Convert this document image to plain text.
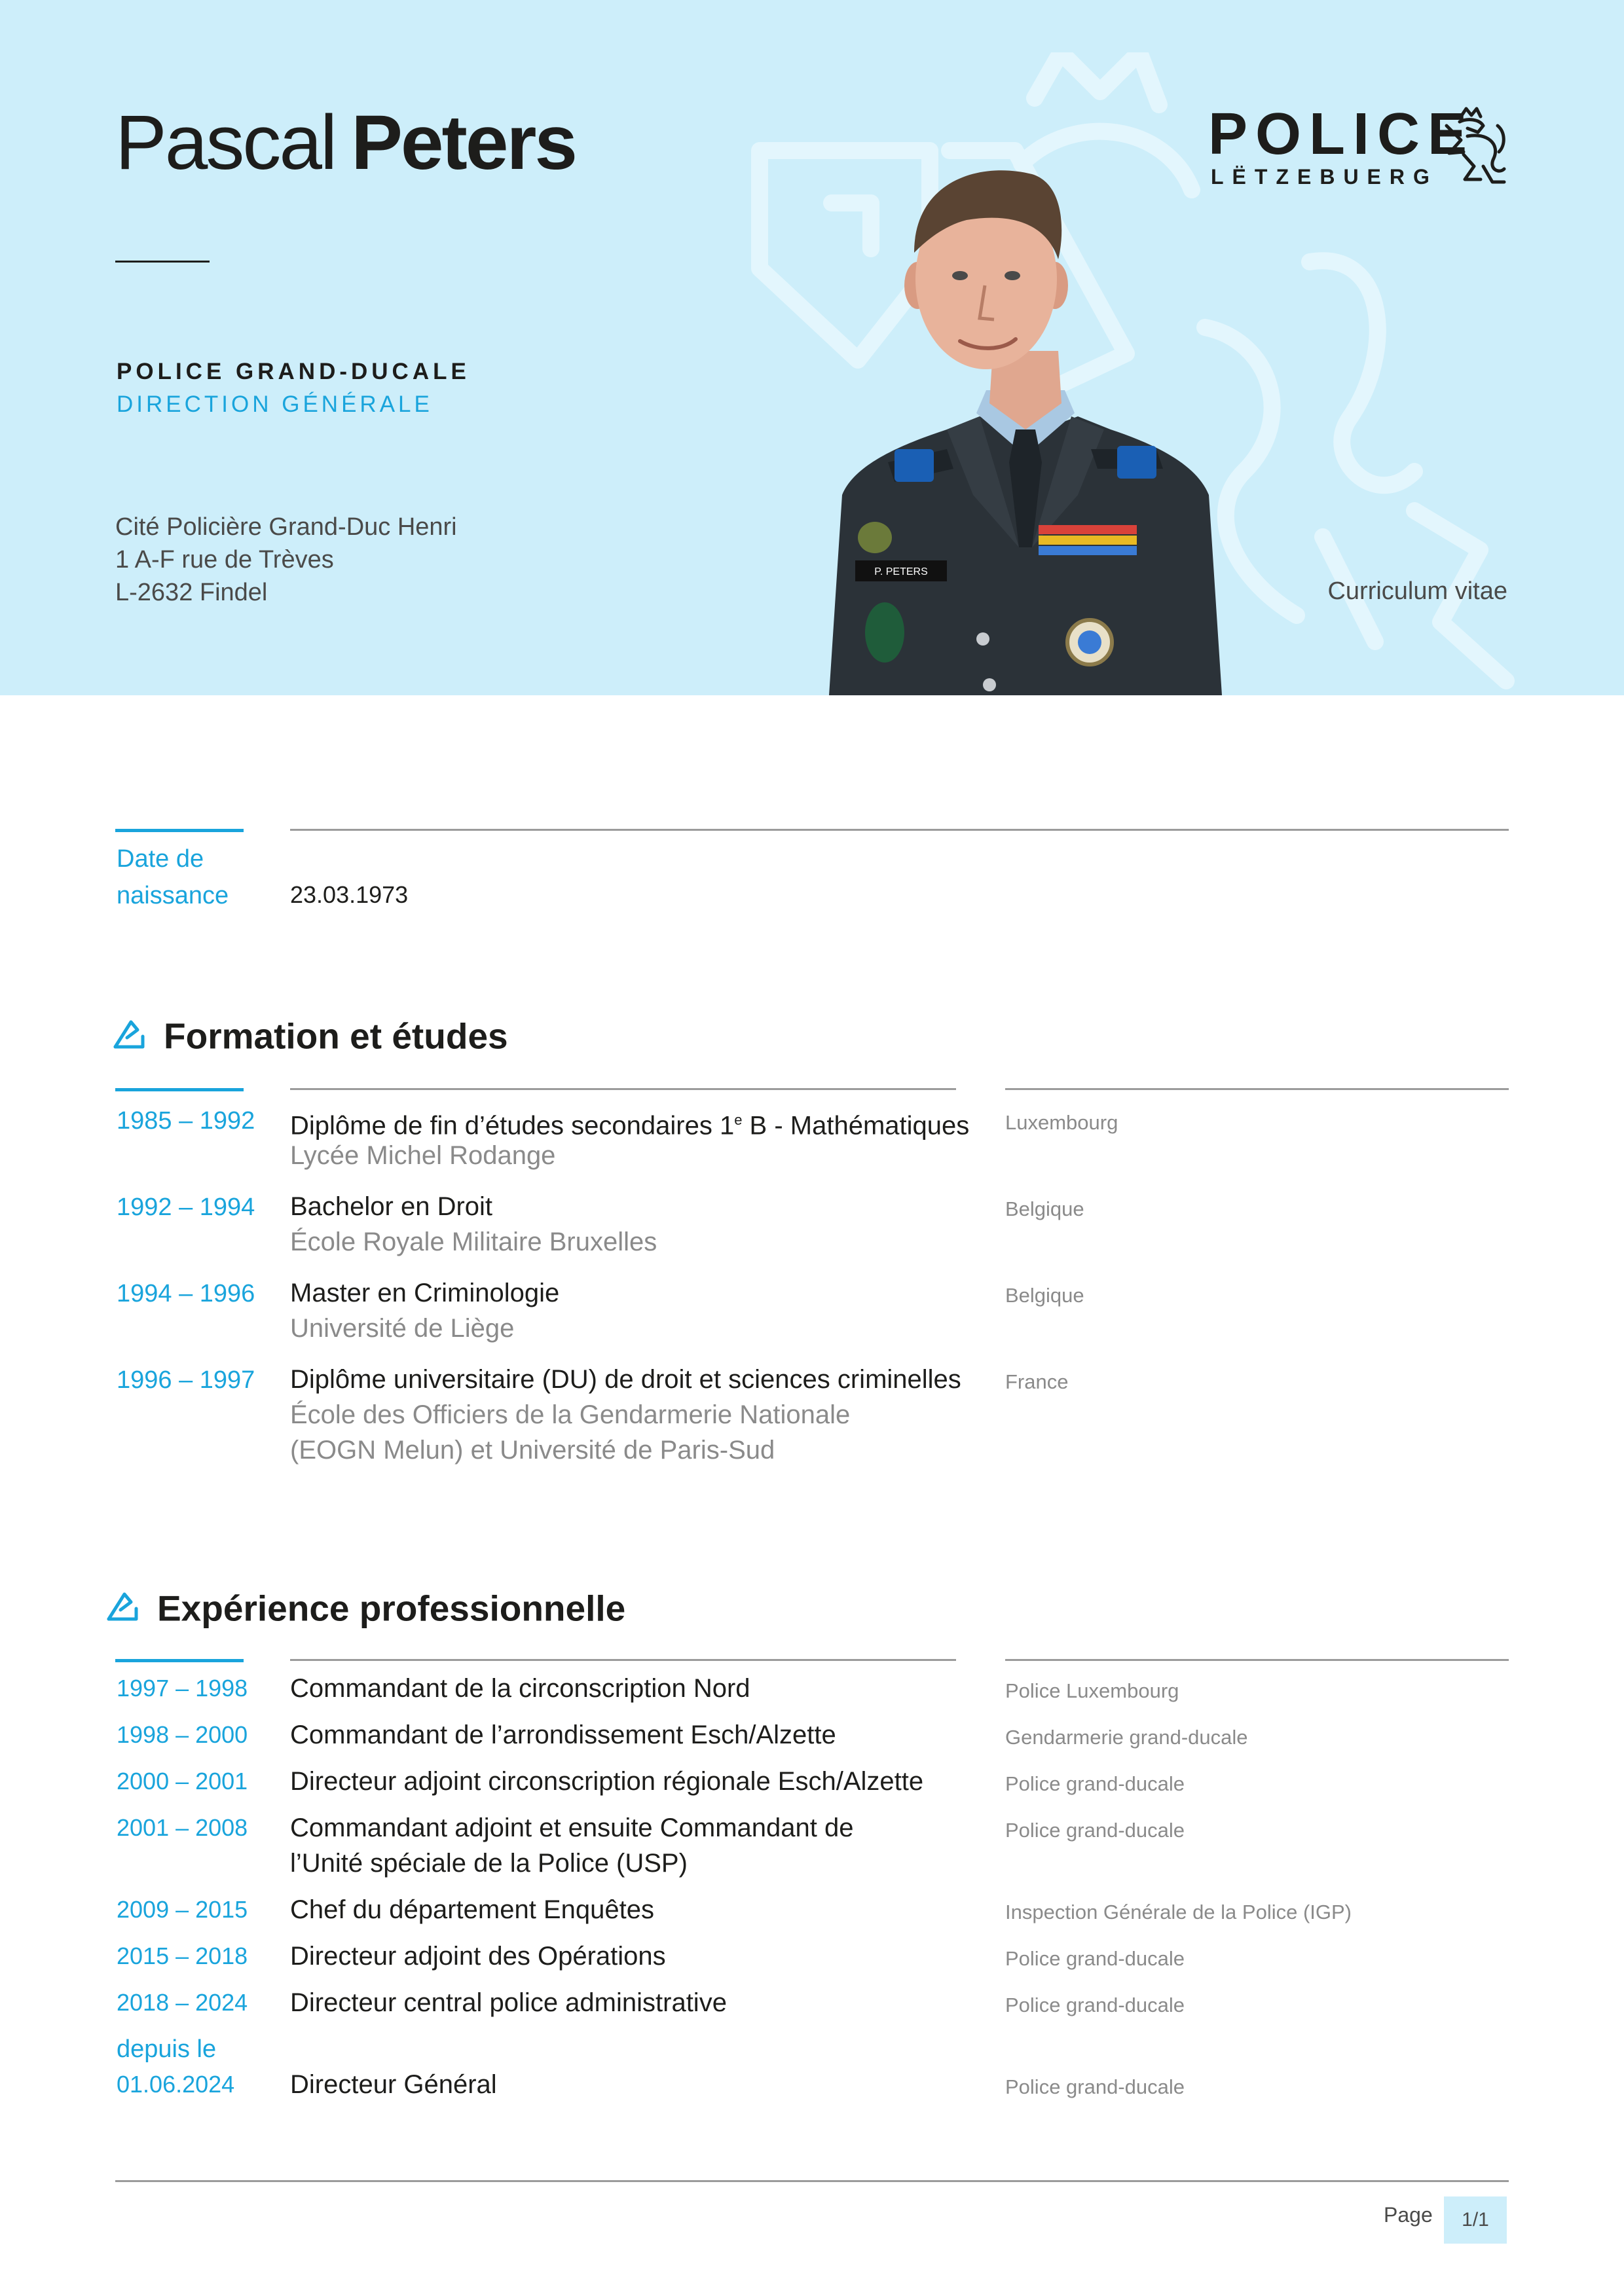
Pascal Peters
POLICE GRAND-DUCALE
DIRECTION GÉNÉRALE
Cité Policière Grand-Duc Henri
1 A-F rue de Trèves
L-2632 Findel	Curriculum vitae
POLICE
LËTZEBUERG
P. PETERS
Date de
naissance	23.03.1973
Formation et études
1985 – 1992 Diplôme de fin d’études secondaires 1e B - Mathématiques
Lycée Michel Rodange
Luxembourg
1992 – 1994 Bachelor en Droit
École Royale Militaire Bruxelles
Belgique
1994 – 1996 Master en Criminologie
Université de Liège
Belgique
1996 – 1997 Diplôme universitaire (DU) de droit et sciences criminelles
École des Officiers de la Gendarmerie Nationale
(EOGN Melun) et Université de Paris-Sud
France
Expérience professionnelle
1997 – 1998 Commandant de la circonscription Nord	Police Luxembourg
1998 – 2000 Commandant de l’arrondissement Esch/Alzette	Gendarmerie grand-ducale
2000 – 2001 Directeur adjoint circonscription régionale Esch/Alzette	Police grand-ducale
2001 – 2008 Commandant adjoint et ensuite Commandant de
l’Unité spéciale de la Police (USP)
Police grand-ducale
2009 – 2015 Chef du département Enquêtes	Inspection Générale de la Police (IGP)
2015 – 2018 Directeur adjoint des Opérations	Police grand-ducale
2018 – 2024 Directeur central police administrative	Police grand-ducale
depuis le
01.06.2024 Directeur Général	Police grand-ducale
Page	1/1
